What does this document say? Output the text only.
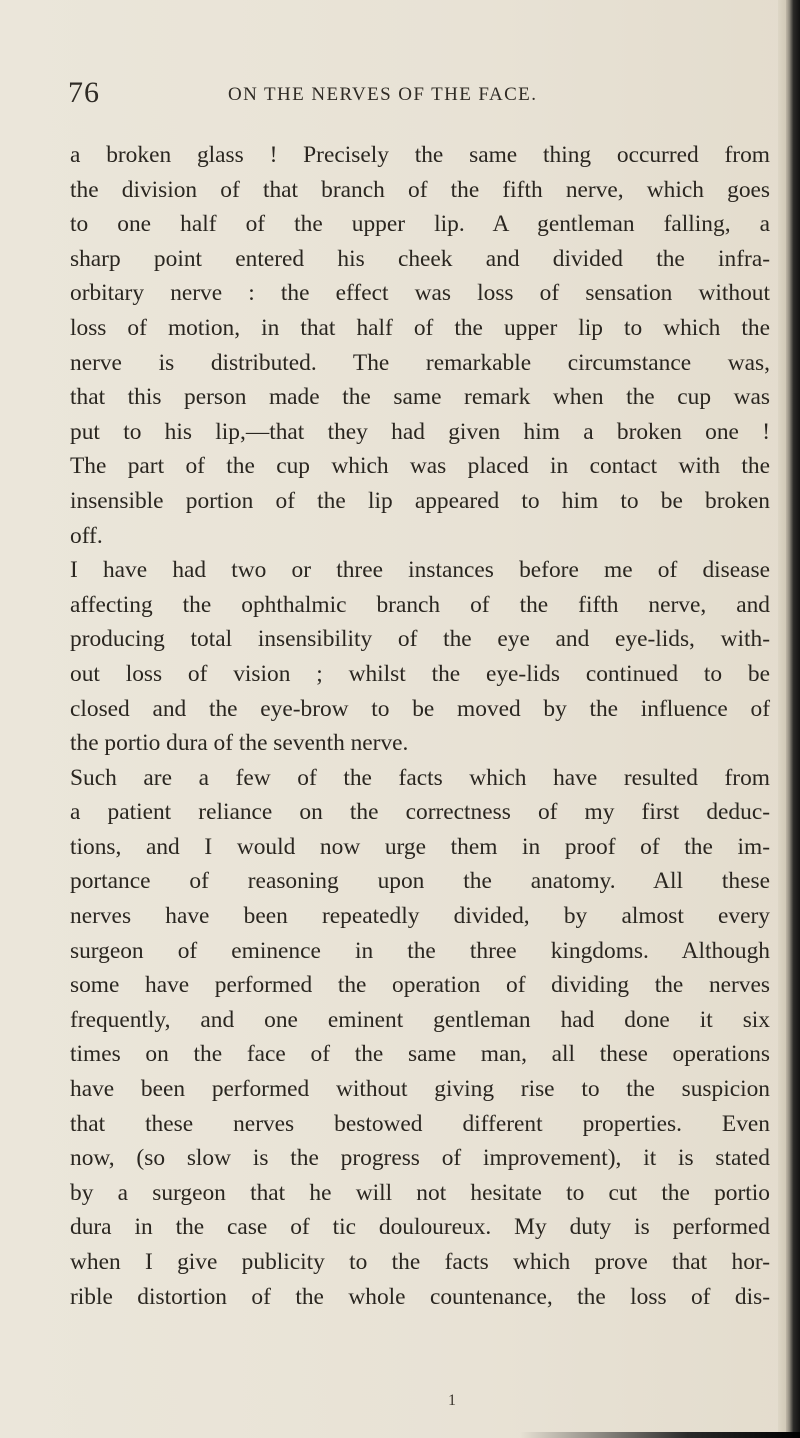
76	ON THE NERVES OF THE FACE.
a broken glass ! Precisely the same thing occurred from
the division of that branch of the fifth nerve, which goes
to one half of the upper lip. A gentleman falling, a
sharp point entered his cheek and divided the infra-
orbitary nerve : the effect was loss of sensation without
loss of motion, in that half of the upper lip to which the
nerve is distributed. The remarkable circumstance was,
that this person made the same remark when the cup was
put to his lip,—that they had given him a broken one !
The part of the cup which was placed in contact with the
insensible portion of the lip appeared to him to be broken
off.
I have had two or three instances before me of disease
affecting the ophthalmic branch of the fifth nerve, and
producing total insensibility of the eye and eye-lids, with-
out loss of vision ; whilst the eye-lids continued to be
closed and the eye-brow to be moved by the influence of
the portio dura of the seventh nerve.
Such are a few of the facts which have resulted from
a patient reliance on the correctness of my first deduc-
tions, and I would now urge them in proof of the im-
portance of reasoning upon the anatomy. All these
nerves have been repeatedly divided, by almost every
surgeon of eminence in the three kingdoms. Although
some have performed the operation of dividing the nerves
frequently, and one eminent gentleman had done it six
times on the face of the same man, all these operations
have been performed without giving rise to the suspicion
that these nerves bestowed different properties. Even
now, (so slow is the progress of improvement), it is stated
by a surgeon that he will not hesitate to cut the portio
dura in the case of tic douloureux. My duty is performed
when I give publicity to the facts which prove that hor-
rible distortion of the whole countenance, the loss of dis-
1
